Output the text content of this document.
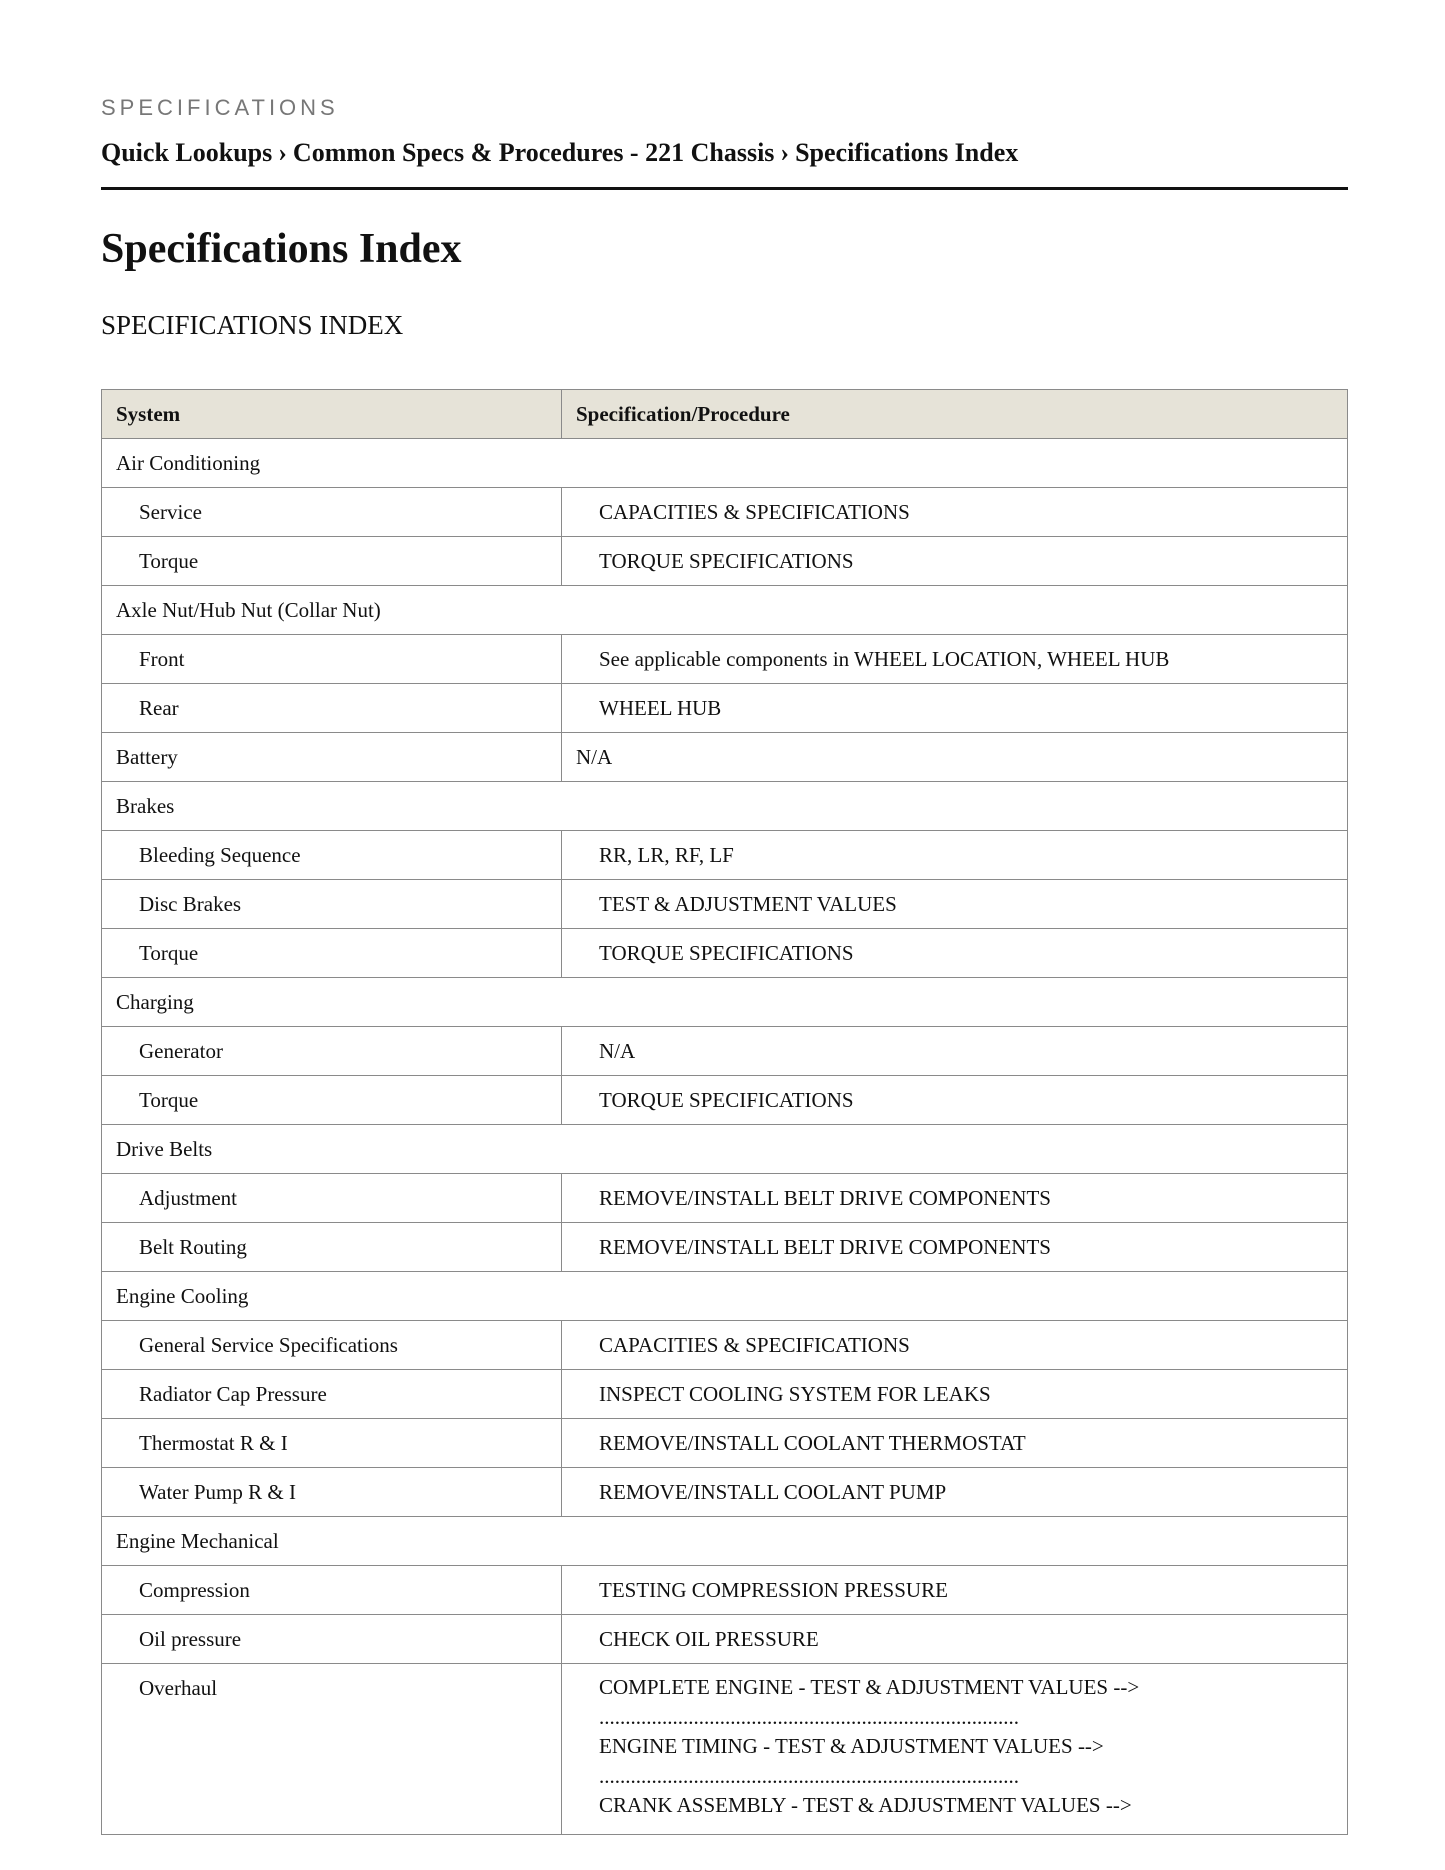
SPECIFICATIONS
Quick Lookups › Common Specs & Procedures - 221 Chassis › Specifications Index
Specifications Index
SPECIFICATIONS INDEX
System	Specification/Procedure
Air Conditioning	
Service	CAPACITIES & SPECIFICATIONS
Torque	TORQUE SPECIFICATIONS
Axle Nut/Hub Nut (Collar Nut)	
Front	See applicable components in WHEEL LOCATION, WHEEL HUB
Rear	WHEEL HUB
Battery	N/A
Brakes	
Bleeding Sequence	RR, LR, RF, LF
Disc Brakes	TEST & ADJUSTMENT VALUES
Torque	TORQUE SPECIFICATIONS
Charging	
Generator	N/A
Torque	TORQUE SPECIFICATIONS
Drive Belts	
Adjustment	REMOVE/INSTALL BELT DRIVE COMPONENTS
Belt Routing	REMOVE/INSTALL BELT DRIVE COMPONENTS
Engine Cooling	
General Service Specifications	CAPACITIES & SPECIFICATIONS
Radiator Cap Pressure	INSPECT COOLING SYSTEM FOR LEAKS
Thermostat R & I	REMOVE/INSTALL COOLANT THERMOSTAT
Water Pump R & I	REMOVE/INSTALL COOLANT PUMP
Engine Mechanical	
Compression	TESTING COMPRESSION PRESSURE
Oil pressure	CHECK OIL PRESSURE
Overhaul	COMPLETE ENGINE - TEST & ADJUSTMENT VALUES -->
................................................................................
ENGINE TIMING - TEST & ADJUSTMENT VALUES -->
................................................................................
CRANK ASSEMBLY - TEST & ADJUSTMENT VALUES -->
